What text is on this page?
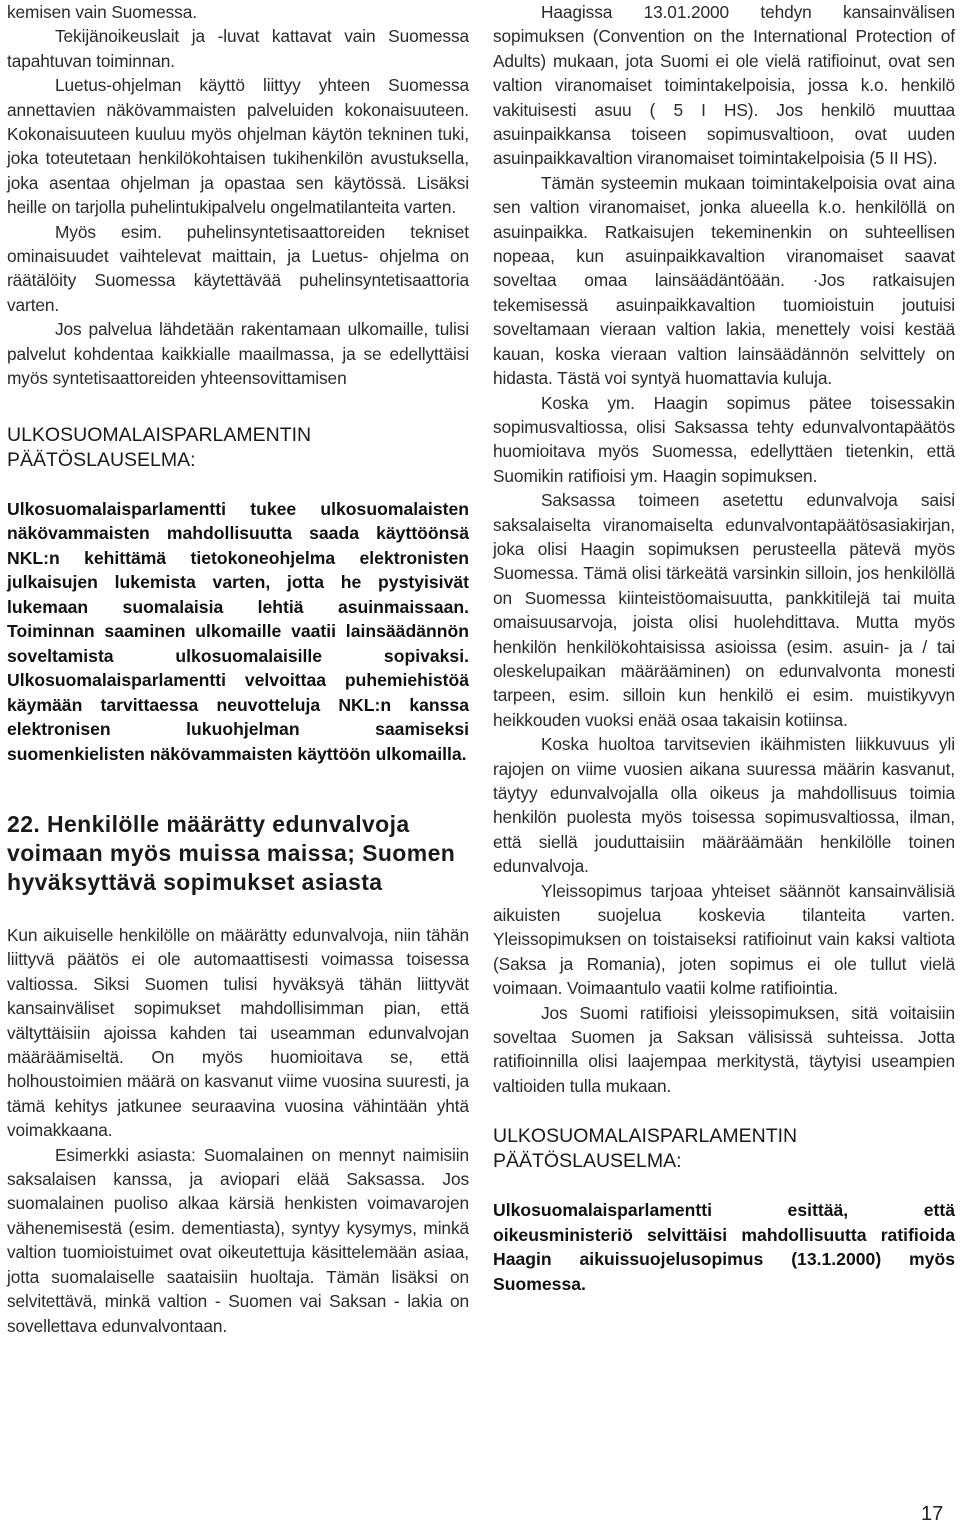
kemisen vain Suomessa.

Tekijänoikeuslait ja -luvat kattavat vain Suomessa tapahtuvan toiminnan.

Luetus-ohjelman käyttö liittyy yhteen Suomessa annettavien näkövammaisten palveluiden kokonaisuuteen. Kokonaisuuteen kuuluu myös ohjelman käytön tekninen tuki, joka toteutetaan henkilökohtaisen tukihenkilön avustuksella, joka asentaa ohjelman ja opastaa sen käytössä. Lisäksi heille on tarjolla puhelintukipalvelu ongelmatilanteita varten.

Myös esim. puhelinsyntetisaattoreiden tekniset ominaisuudet vaihtelevat maittain, ja Luetus- ohjelma on räätälöity Suomessa käytettävää puhelinsyntetisaattoria varten.

Jos palvelua lähdetään rakentamaan ulkomaille, tulisi palvelut kohdentaa kaikkialle maailmassa, ja se edellyttäisi myös syntetisaattoreiden yhteensovittamisen

ULKOSUOMALAISPARLAMENTIN
PÄÄTÖSLAUSELMA:

Ulkosuomalaisparlamentti tukee ulkosuomalaisten näkövammaisten mahdollisuutta saada käyttöönsä NKL:n kehittämä tietokoneohjelma elektronisten julkaisujen lukemista varten, jotta he pystyisivät lukemaan suomalaisia lehtiä asuinmaissaan. Toiminnan saaminen ulkomaille vaatii lainsäädännön soveltamista ulkosuomalaisille sopivaksi. Ulkosuomalaisparlamentti velvoittaa puhemiehistöä käymään tarvittaessa neuvotteluja NKL:n kanssa elektronisen lukuohjelman saamiseksi suomenkielisten näkövammaisten käyttöön ulkomailla.

22. Henkilölle määrätty edunvalvoja voimaan myös muissa maissa; Suomen hyväksyttävä sopimukset asiasta

Kun aikuiselle henkilölle on määrätty edunvalvoja, niin tähän liittyvä päätös ei ole automaattisesti voimassa toisessa valtiossa. Siksi Suomen tulisi hyväksyä tähän liittyvät kansainväliset sopimukset mahdollisimman pian, että vältyttäisiin ajoissa kahden tai useamman edunvalvojan määräämiseltä. On myös huomioitava se, että holhoustoimien määrä on kasvanut viime vuosina suuresti, ja tämä kehitys jatkunee seuraavina vuosina vähintään yhtä voimakkaana.

Esimerkki asiasta: Suomalainen on mennyt naimisiin saksalaisen kanssa, ja aviopari elää Saksassa. Jos suomalainen puoliso alkaa kärsiä henkisten voimavarojen vähenemisestä (esim. dementiasta), syntyy kysymys, minkä valtion tuomioistuimet ovat oikeutettuja käsittelemään asiaa, jotta suomalaiselle saataisiin huoltaja. Tämän lisäksi on selvitettävä, minkä valtion - Suomen vai Saksan - lakia on sovellettava edunvalvontaan.

Haagissa 13.01.2000 tehdyn kansainvälisen sopimuksen (Convention on the International Protection of Adults) mukaan, jota Suomi ei ole vielä ratifioinut, ovat sen valtion viranomaiset toimintakelpoisia, jossa k.o. henkilö vakituisesti asuu ( 5 I HS). Jos henkilö muuttaa asuinpaikkansa toiseen sopimusvaltioon, ovat uuden asuinpaikkavaltion viranomaiset toimintakelpoisia (5 II HS).

Tämän systeemin mukaan toimintakelpoisia ovat aina sen valtion viranomaiset, jonka alueella k.o. henkilöllä on asuinpaikka. Ratkaisujen tekeminenkin on suhteellisen nopeaa, kun asuinpaikkavaltion viranomaiset saavat soveltaa omaa lainsäädäntöään. ·Jos ratkaisujen tekemisessä asuinpaikkavaltion tuomioistuin joutuisi soveltamaan vieraan valtion lakia, menettely voisi kestää kauan, koska vieraan valtion lainsäädännön selvittely on hidasta. Tästä voi syntyä huomattavia kuluja.

Koska ym. Haagin sopimus pätee toisessakin sopimusvaltiossa, olisi Saksassa tehty edunvalvontapäätös huomioitava myös Suomessa, edellyttäen tietenkin, että Suomikin ratifioisi ym. Haagin sopimuksen.

Saksassa toimeen asetettu edunvalvoja saisi saksalaiselta viranomaiselta edunvalvontapäätösasiakirjan, joka olisi Haagin sopimuksen perusteella pätevä myös Suomessa. Tämä olisi tärkeätä varsinkin silloin, jos henkilöllä on Suomessa kiinteistöomaisuutta, pankkitilejä tai muita omaisuusarvoja, joista olisi huolehdittava. Mutta myös henkilön henkilökohtaisissa asioissa (esim. asuin- ja / tai oleskelupaikan määrääminen) on edunvalvonta monesti tarpeen, esim. silloin kun henkilö ei esim. muistikyvyn heikkouden vuoksi enää osaa takaisin kotiinsa.

Koska huoltoa tarvitsevien ikäihmisten liikkuvuus yli rajojen on viime vuosien aikana suuressa määrin kasvanut, täytyy edunvalvojalla olla oikeus ja mahdollisuus toimia henkilön puolesta myös toisessa sopimusvaltiossa, ilman, että siellä jouduttaisiin määräämään henkilölle toinen edunvalvoja.

Yleissopimus tarjoaa yhteiset säännöt kansainvälisiä aikuisten suojelua koskevia tilanteita varten. Yleissopimuksen on toistaiseksi ratifioinut vain kaksi valtiota (Saksa ja Romania), joten sopimus ei ole tullut vielä voimaan. Voimaantulo vaatii kolme ratifiointia.

Jos Suomi ratifioisi yleissopimuksen, sitä voitaisiin soveltaa Suomen ja Saksan välisissä suhteissa. Jotta ratifioinnilla olisi laajempaa merkitystä, täytyisi useampien valtioiden tulla mukaan.

ULKOSUOMALAISPARLAMENTIN
PÄÄTÖSLAUSELMA:

Ulkosuomalaisparlamentti esittää, että oikeusministeriö selvittäisi mahdollisuutta ratifioida Haagin aikuissuojelusopimus (13.1.2000) myös Suomessa.

17
